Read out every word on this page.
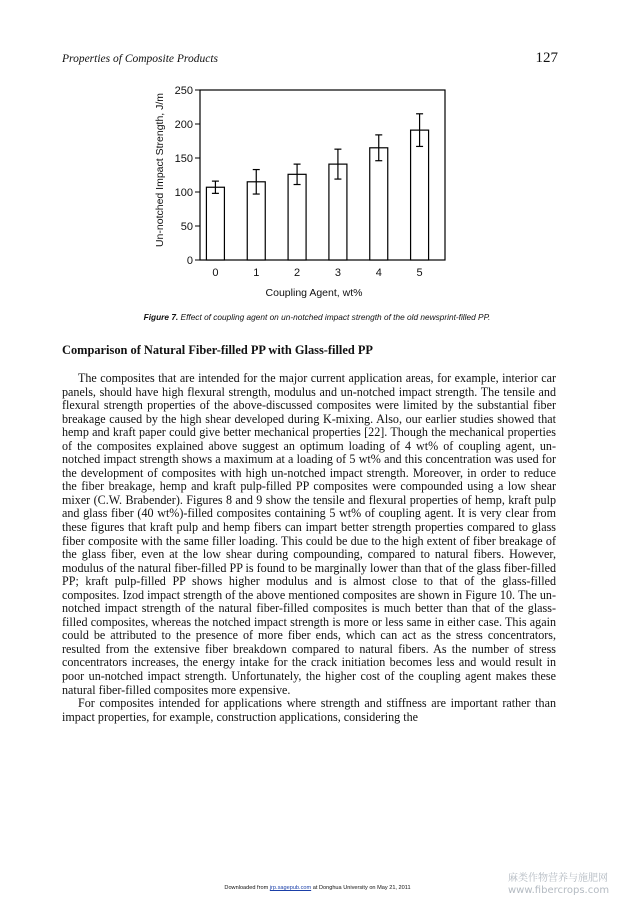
Properties of Composite Products	127
Un-notched Impact Strength, J/m
Coupling Agent, wt%
0
50
100
150
200
250
0	1	2	3	4	5
Figure 7. Effect of coupling agent on un-notched impact strength of the old newsprint-filled PP.
Comparison of Natural Fiber-filled PP with Glass-filled PP

The composites that are intended for the major current application areas, for example, interior car panels, should have high flexural strength, modulus and un-notched impact strength. The tensile and flexural strength properties of the above-discussed composites were limited by the substantial fiber breakage caused by the high shear developed during K-mixing. Also, our earlier studies showed that hemp and kraft paper could give better mechanical properties [22]. Though the mechanical properties of the composites explained above suggest an optimum loading of 4 wt% of coupling agent, un-notched impact strength shows a maximum at a loading of 5 wt% and this concentration was used for the development of composites with high un-notched impact strength. Moreover, in order to reduce the fiber breakage, hemp and kraft pulp-filled PP composites were compounded using a low shear mixer (C.W. Brabender). Figures 8 and 9 show the tensile and flexural properties of hemp, kraft pulp and glass fiber (40 wt%)-filled composites containing 5 wt% of coupling agent. It is very clear from these figures that kraft pulp and hemp fibers can impart better strength properties compared to glass fiber composite with the same filler loading. This could be due to the high extent of fiber breakage of the glass fiber, even at the low shear during compounding, compared to natural fibers. However, modulus of the natural fiber-filled PP is found to be marginally lower than that of the glass fiber-filled PP; kraft pulp-filled PP shows higher modulus and is almost close to that of the glass-filled composites. Izod impact strength of the above mentioned composites are shown in Figure 10. The un-notched impact strength of the natural fiber-filled composites is much better than that of the glass-filled composites, whereas the notched impact strength is more or less same in either case. This again could be attributed to the presence of more fiber ends, which can act as the stress concentrators, resulted from the extensive fiber breakdown compared to natural fibers. As the number of stress concentrators increases, the energy intake for the crack initiation becomes less and would result in poor un-notched impact strength. Unfortunately, the higher cost of the coupling agent makes these natural fiber-filled composites more expensive.

For composites intended for applications where strength and stiffness are important rather than impact properties, for example, construction applications, considering the

Downloaded from jrp.sagepub.com at Donghua University on May 21, 2011
麻类作物营养与施肥网
www.fibercrops.com
